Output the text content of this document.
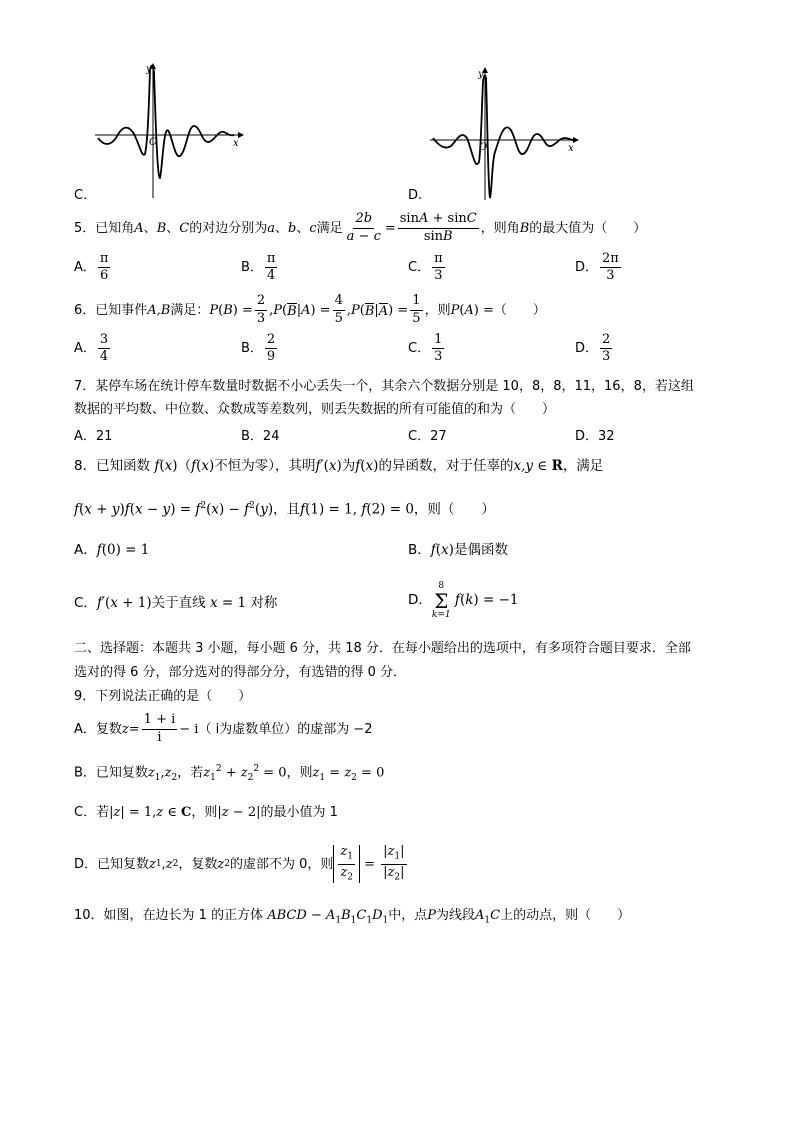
x
y
O
C.
x
y
O
D.
5．已知角 A 、 B 、 C 的对边分别为 a 、 b 、 c 满足 $\frac{2b}{a - c} = \frac{\sin A + \sin C}{\sin B}$ ，则角 B 的最大值为（　　）
A． $\frac{\pi}{6}$	B． $\frac{\pi}{4}$	C． $\frac{\pi}{3}$	D． $\frac{2\pi}{3}$
6．已知事件 A,B 满足： P ( B ) = $\frac{2}{3}$ , P ( B | A ) = $\frac{4}{5}$ , P ( B | A ) = $\frac{1}{5}$ ，则 P ( A ) = （　　）
A． $\frac{3}{4}$	B． $\frac{2}{9}$	C． $\frac{1}{3}$	D． $\frac{2}{3}$
7．某停车场在统计停车数量时数据不小心丢失一个，其余六个数据分别是 10，8，8，11，16，8，若这组
数据的平均数、中位数、众数成等差数列，则丢失数据的所有可能值的和为（　　）
A．21	B．24	C．27	D．32
8．已知函数 f(x)（f(x)不恒为零），其明f′(x)为f(x)的异函数，对于任辜的x,y ∈ R，满足
$f(x + y)f(x - y) = f^2(x) - f^2(y)$，且f(1) = 1, f(2) = 0，则（　　）
A．f(0) = 1	B．f(x)是偶函数
C．f′(x + 1)关于直线 x = 1 对称	D．
8
Σ
k=1
f ( k ) = −1
二、选择题：本题共 3 小题，每小题 6 分，共 18 分．在每小题给出的选项中，有多项符合题目要求．全部
选对的得 6 分，部分选对的得部分分，有选错的得 0 分．
9．下列说法正确的是（　　）
A．复数 $z = \frac{1 + i}{i} - i$ （ i为虚数单位）的虚部为 −2
B．已知复数$z_1,z_2$，若$z_1^2 + z_2^2 = 0$，则$z_1 = z_2 = 0$
C．若|z| = 1,z ∈ C，则|z − 2|的最小值为 1
D．已知复数 z 1 , z 2 ，复数 z 2 的虚部不为 0，则 $\frac{z_1}{z_2} = \frac{|z_1|}{|z_2|}$
10．如图，在边长为 1 的正方体 ABCD − $A_1B_1C_1D_1$中，点P为线段$A_1C$上的动点，则（　　）
